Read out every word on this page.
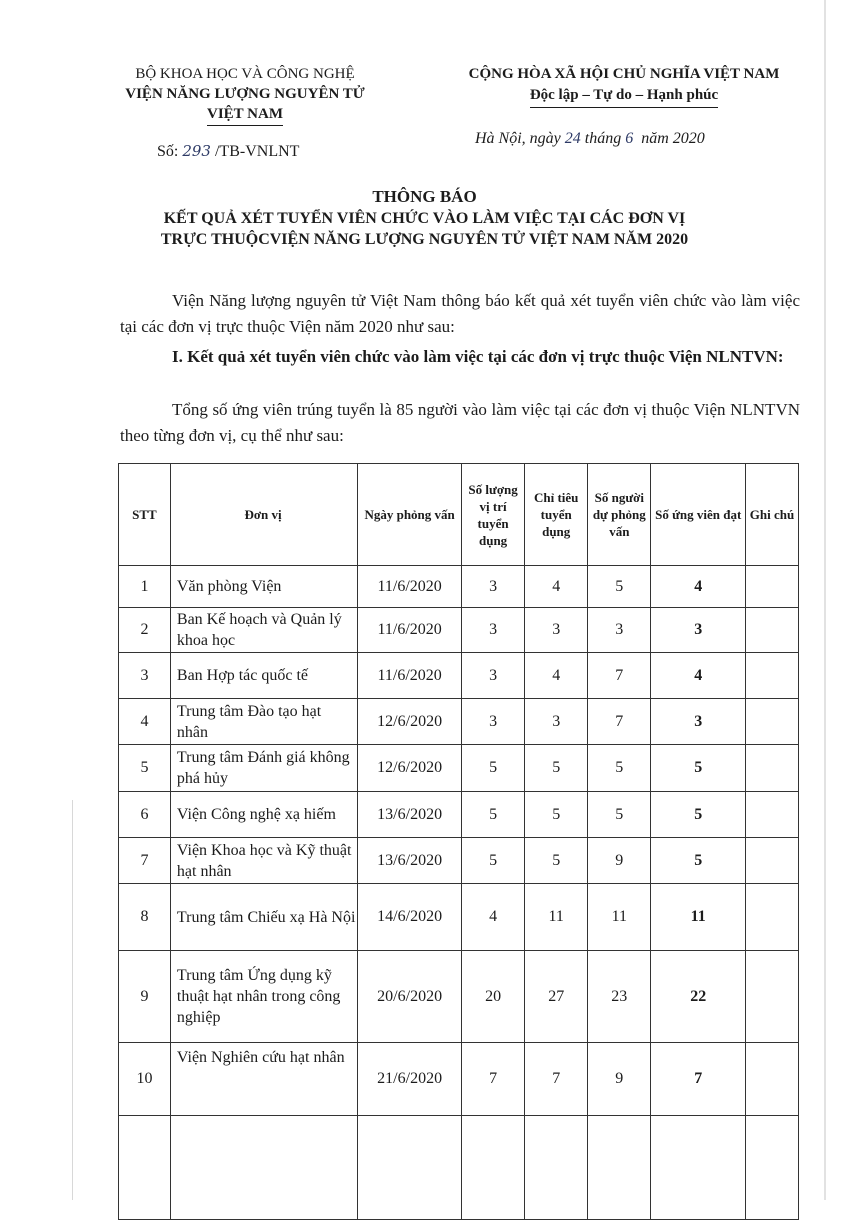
BỘ KHOA HỌC VÀ CÔNG NGHỆ
VIỆN NĂNG LƯỢNG NGUYÊN TỬ
VIỆT NAM
CỘNG HÒA XÃ HỘI CHỦ NGHĨA VIỆT NAM
Độc lập – Tự do – Hạnh phúc
Số: 293 /TB-VNLNT
Hà Nội, ngày 24 tháng 6 năm 2020
THÔNG BÁO
KẾT QUẢ XÉT TUYỂN VIÊN CHỨC VÀO LÀM VIỆC TẠI CÁC ĐƠN VỊ
TRỰC THUỘCVIỆN NĂNG LƯỢNG NGUYÊN TỬ VIỆT NAM NĂM 2020
Viện Năng lượng nguyên tử Việt Nam thông báo kết quả xét tuyển viên chức vào làm việc tại các đơn vị trực thuộc Viện năm 2020 như sau:
I. Kết quả xét tuyển viên chức vào làm việc tại các đơn vị trực thuộc Viện NLNTVN:
Tổng số ứng viên trúng tuyển là 85 người vào làm việc tại các đơn vị thuộc Viện NLNTVN theo từng đơn vị, cụ thể như sau:
STT	Đơn vị	Ngày phỏng vấn	Số lượng vị trí tuyển dụng	Chỉ tiêu tuyển dụng	Số người dự phỏng vấn	Số ứng viên đạt	Ghi chú
1	Văn phòng Viện	11/6/2020	3	4	5	4	
2	Ban Kế hoạch và Quản lý khoa học	11/6/2020	3	3	3	3	
3	Ban Hợp tác quốc tế	11/6/2020	3	4	7	4	
4	Trung tâm Đào tạo hạt nhân	12/6/2020	3	3	7	3	
5	Trung tâm Đánh giá không phá hủy	12/6/2020	5	5	5	5	
6	Viện Công nghệ xạ hiếm	13/6/2020	5	5	5	5	
7	Viện Khoa học và Kỹ thuật hạt nhân	13/6/2020	5	5	9	5	
8	Trung tâm Chiếu xạ Hà Nội	14/6/2020	4	11	11	11	
9	Trung tâm Ứng dụng kỹ thuật hạt nhân trong công nghiệp	20/6/2020	20	27	23	22	
10	Viện Nghiên cứu hạt nhân	21/6/2020	7	7	9	7	
